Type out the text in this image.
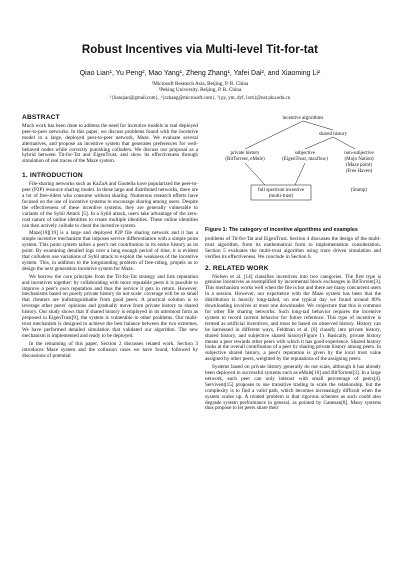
Robust Incentives via Multi-level Tit-for-tat
Qiao Lian¹, Yu Peng², Mao Yang¹, Zheng Zhang¹, Yafei Dai², and Xiaoming Li²
¹Microsoft Research Asia, Beijing, P. R. China
²Peking University, Beijing, P. R. China
¹{lianqiao@gmail.com}, ¹{zzhang@microsoft.com}, ²{py, ym, dyf, lxm}@net.pku.edu.cn
ABSTRACT

Much work has been done to address the need for incentive models in real deployed peer-to-peer networks. In this paper, we discuss problems found with the incentive model in a large, deployed peer-to-peer network, Maze. We evaluate several alternatives, and propose an incentive system that generates preferences for well-behaved nodes while correctly punishing colluders. We discuss our proposal as a hybrid between Tit-for-Tat and EigenTrust, and show its effectiveness through simulation of real traces of the Maze system.

1. INTRODUCTION

File-sharing networks such as KaZaA and Gnutella have popularized the peer-to-peer (P2P) resource sharing model. In these large and distributed networks, there are a lot of free-riders who consume without sharing. Numerous research efforts have focused on the use of incentive systems to encourage sharing among users. Despite the effectiveness of these incentive systems, they are generally vulnerable to variants of the Sybil Attack [5]. In a Sybil attack, users take advantage of the zero-cost nature of online identities to create multiple identities. These online identities can then actively collude to cheat the incentive system.

Maze[18][19] is a large and deployed P2P file sharing network and it has a simple incentive mechanism that imposes service differentiation with a simple point system. This point system tallies a peer's net contribution in its entire history as its point. By examining detailed logs over a long enough period of time, it is evident that colluders use variations of Sybil attack to exploit the weakness of the incentive system. This, in addition to the longstanding problem of free-riding, propels us to design the next generation incentive system for Maze.

We borrow the core principle from the Tit-for-Tat strategy and link reputation and incentives together: by collaborating with more reputable peers it is possible to improve a peer's own reputation and thus the service it gets in return. However, mechanisms based on purely private history do not scale: coverage will be so small that cheaters are indistinguishable from good peers. A practical solution is to leverage other peers' opinions and gradually move from private history to shared history. Our study shows that if shared history is employed in its uttermost form as proposed in EigenTrust[9], the system is vulnerable to other problems. Our multi-trust mechanism is designed to achieve the best balance between the two extremes. We have performed detailed simulation that validated our algorithm. The new mechanism is implemented and ready to be deployed.

In the remaining of this paper, Section 2 discusses related work. Section 3 introduces Maze system and the collusion cases we have found, followed by discussions of potential

incentive algorithms
shared history
private history
(BitTorrent, eMule)
subjective
(EigenTrust, maxflow)
non-subjective
(Mojo Nation)
(Maze point)
(Free Haven)
(Stamp)
full spectrum incentive
(multi-trust)
Figure 1: The category of incentive algorithms and examples

problems of Tit-for-Tat and EigenTrust. Section 4 discusses the design of the multi-trust algorithm, from its mathematical form to implementation consideration. Section 5 evaluates the multi-trust algorithm using trace driven simulation and verifies its effectiveness. We conclude in Section 6.

2. RELATED WORK

Nielsen et al. [14] classifies incentives into two categories. The first type is genuine incentives as exemplified by incremental block exchanges in BitTorrent[3]. This mechanism works well when the file is hot and there are many concurrent users in a session. However, our experience with the Maze system has been that the distribution is heavily long-tailed, on one typical day we found around 80% downloading involves at most one downloader. We conjecture that this is common for other file sharing networks. Such long-tail behavior requires the incentive system to record current behavior for future reference. This type of incentive is termed as artificial incentives, and must be based on observed history. History can be harnessed in different ways, Feldman et al. [6] classify into private history, shared history, and subjective shared history(Figure 1). Basically, private history means a peer rewards other peers with which it has good experience. Shared history looks at the overall contribution of a peer by sharing private history among peers. In subjective shared history, a peer's reputation is given by the local trust value assigned by other peers, weighted by the reputations of the assigning peers.

Systems based on private history generally do not scale, although it has already been deployed in successful systems such as eMule[10] and BitTorrent[3]. In a large network, each peer can only interact with small percentage of peers[4]. Servivent[15] proposes to use transitive trading to scale the relationship, but the complexity is to find a valid path, which becomes increasingly difficult when the system scales up. A related problem is that rigorous schemes as such could also degrade system performance in general, as pointed by Ganesan[8]. Many systems thus propose to let peers share their
